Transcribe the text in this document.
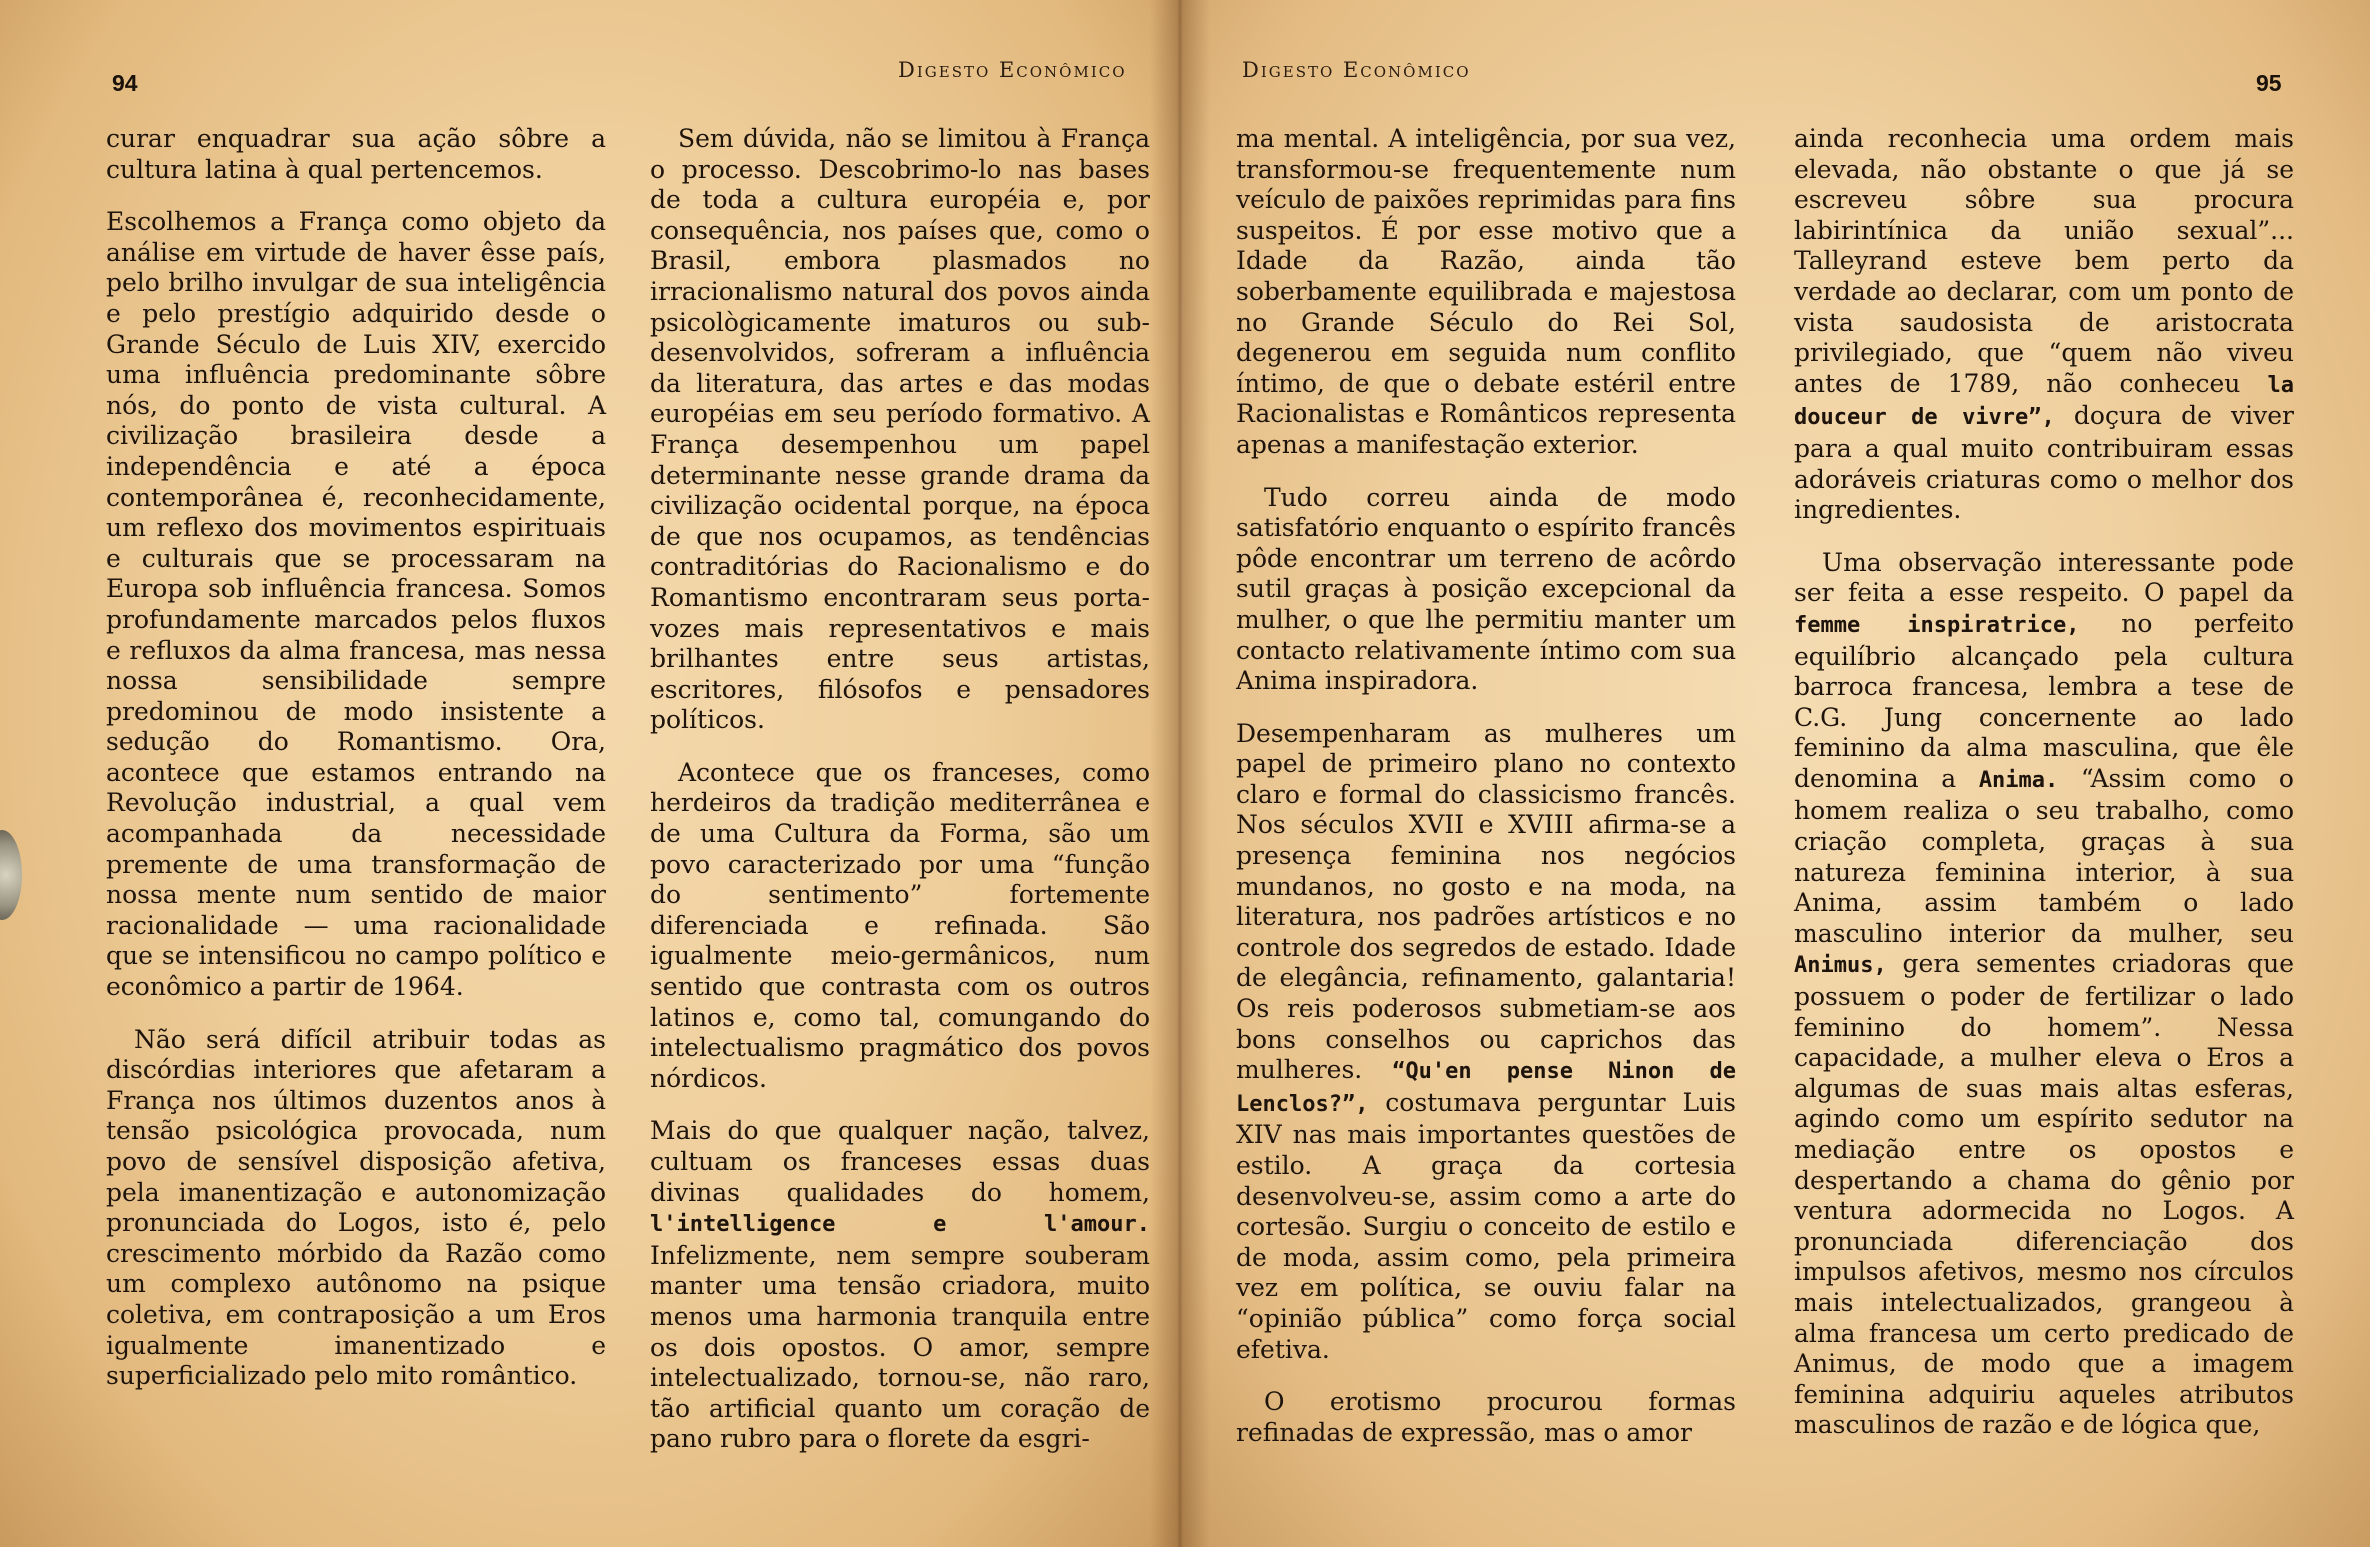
94	Digesto Econômico

curar enquadrar sua ação sôbre a cultura latina à qual pertencemos.

Escolhemos a França como objeto da análise em virtude de haver êsse país, pelo brilho invulgar de sua inteligência e pelo prestígio adquirido desde o Grande Século de Luis XIV, exercido uma influência predominante sôbre nós, do ponto de vista cultural. A civilização brasileira desde a independência e até a época contemporânea é, reconhecidamente, um reflexo dos movimentos espirituais e culturais que se processaram na Europa sob influência francesa. Somos profundamente marcados pelos fluxos e refluxos da alma francesa, mas nessa nossa sensibilidade sempre predominou de modo insistente a sedução do Romantismo. Ora, acontece que estamos entrando na Revolução industrial, a qual vem acompanhada da necessidade premente de uma transformação de nossa mente num sentido de maior racionalidade — uma racionalidade que se intensificou no campo político e econômico a partir de 1964.

Não será difícil atribuir todas as discórdias interiores que afetaram a França nos últimos duzentos anos à tensão psicológica provocada, num povo de sensível disposição afetiva, pela imanentização e autonomização pronunciada do Logos, isto é, pelo crescimento mórbido da Razão como um complexo autônomo na psique coletiva, em contraposição a um Eros igualmente imanentizado e superficializado pelo mito romântico.

Sem dúvida, não se limitou à França o processo. Descobrimo-lo nas bases de toda a cultura européia e, por consequência, nos países que, como o Brasil, embora plasmados no irracionalismo natural dos povos ainda psicològicamente imaturos ou sub-desenvolvidos, sofreram a influência da literatura, das artes e das modas européias em seu período formativo. A França desempenhou um papel determinante nesse grande drama da civilização ocidental porque, na época de que nos ocupamos, as tendências contraditórias do Racionalismo e do Romantismo encontraram seus porta-vozes mais representativos e mais brilhantes entre seus artistas, escritores, filósofos e pensadores políticos.

Acontece que os franceses, como herdeiros da tradição mediterrânea e de uma Cultura da Forma, são um povo caracterizado por uma “função do sentimento” fortemente diferenciada e refinada. São igualmente meio-germânicos, num sentido que contrasta com os outros latinos e, como tal, comungando do intelectualismo pragmático dos povos nórdicos.

Mais do que qualquer nação, talvez, cultuam os franceses essas duas divinas qualidades do homem, l'intelligence e l'amour. Infelizmente, nem sempre souberam manter uma tensão criadora, muito menos uma harmonia tranquila entre os dois opostos. O amor, sempre intelectualizado, tornou-se, não raro, tão artificial quanto um coração de pano rubro para o florete da esgri-

Digesto Econômico	95

ma mental. A inteligência, por sua vez, transformou-se frequentemente num veículo de paixões reprimidas para fins suspeitos. É por esse motivo que a Idade da Razão, ainda tão soberbamente equilibrada e majestosa no Grande Século do Rei Sol, degenerou em seguida num conflito íntimo, de que o debate estéril entre Racionalistas e Românticos representa apenas a manifestação exterior.

Tudo correu ainda de modo satisfatório enquanto o espírito francês pôde encontrar um terreno de acôrdo sutil graças à posição excepcional da mulher, o que lhe permitiu manter um contacto relativamente íntimo com sua Anima inspiradora.

Desempenharam as mulheres um papel de primeiro plano no contexto claro e formal do classicismo francês. Nos séculos XVII e XVIII afirma-se a presença feminina nos negócios mundanos, no gosto e na moda, na literatura, nos padrões artísticos e no controle dos segredos de estado. Idade de elegância, refinamento, galantaria! Os reis poderosos submetiam-se aos bons conselhos ou caprichos das mulheres. “Qu'en pense Ninon de Lenclos?”, costumava perguntar Luis XIV nas mais importantes questões de estilo. A graça da cortesia desenvolveu-se, assim como a arte do cortesão. Surgiu o conceito de estilo e de moda, assim como, pela primeira vez em política, se ouviu falar na “opinião pública” como força social efetiva.

O erotismo procurou formas refinadas de expressão, mas o amor

ainda reconhecia uma ordem mais elevada, não obstante o que já se escreveu sôbre sua procura labirintínica da união sexual”... Talleyrand esteve bem perto da verdade ao declarar, com um ponto de vista saudosista de aristocrata privilegiado, que “quem não viveu antes de 1789, não conheceu la douceur de vivre”, doçura de viver para a qual muito contribuiram essas adoráveis criaturas como o melhor dos ingredientes.

Uma observação interessante pode ser feita a esse respeito. O papel da femme inspiratrice, no perfeito equilíbrio alcançado pela cultura barroca francesa, lembra a tese de C.G. Jung concernente ao lado feminino da alma masculina, que êle denomina a Anima. “Assim como o homem realiza o seu trabalho, como criação completa, graças à sua natureza feminina interior, à sua Anima, assim também o lado masculino interior da mulher, seu Animus, gera sementes criadoras que possuem o poder de fertilizar o lado feminino do homem”. Nessa capacidade, a mulher eleva o Eros a algumas de suas mais altas esferas, agindo como um espírito sedutor na mediação entre os opostos e despertando a chama do gênio por ventura adormecida no Logos. A pronunciada diferenciação dos impulsos afetivos, mesmo nos círculos mais intelectualizados, grangeou à alma francesa um certo predicado de Animus, de modo que a imagem feminina adquiriu aqueles atributos masculinos de razão e de lógica que,
